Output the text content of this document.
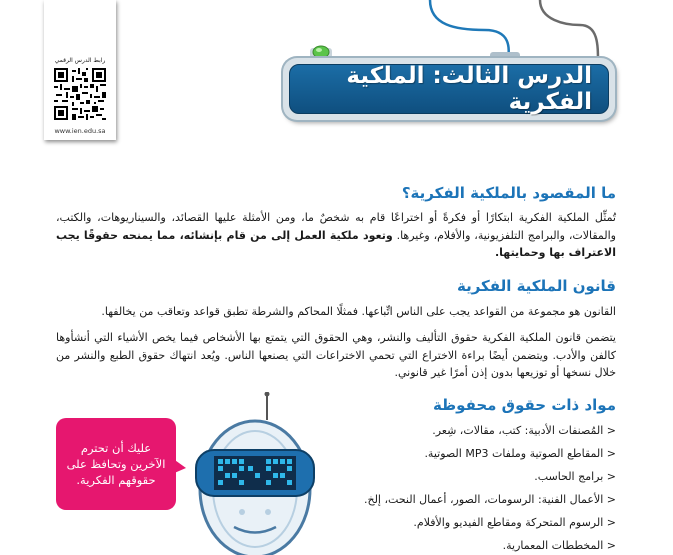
رابط الدرس الرقمي
www.ien.edu.sa
الدرس الثالث: الملكية الفكرية
ما المقصود بالملكية الفكرية؟
تُمثِّل الملكية الفكرية ابتكارًا أو فكرةً أو اختراعًا قام به شخصٌ ما، ومن الأمثلة عليها القصائد، والسيناريوهات، والكتب، والمقالات، والبرامج التلفزيونية، والأفلام، وغيرها. وتعود ملكية العمل إلى من قام بإنشائه، مما يمنحه حقوقًا يجب الاعتراف بها وحمايتها.
قانون الملكية الفكرية
القانون هو مجموعة من القواعد يجب على الناس اتِّباعها. فمثلًا المحاكم والشرطة تطبق قواعد وتعاقب من يخالفها.
يتضمن قانون الملكية الفكرية حقوق التأليف والنشر، وهي الحقوق التي يتمتع بها الأشخاص فيما يخص الأشياء التي أنشأوها كالفن والأدب. ويتضمن أيضًا براءة الاختراع التي تحمي الاختراعات التي يصنعها الناس. ويُعد انتهاك حقوق الطبع والنشر من خلال نسخها أو توزيعها بدون إذن أمرًا غير قانوني.
مواد ذات حقوق محفوظة
< المُصنفات الأدبية: كتب، مقالات، شِعر.
< المقاطع الصوتية وملفات MP3 الصوتية.
< برامج الحاسب.
< الأعمال الفنية: الرسومات، الصور، أعمال النحت، إلخ.
< الرسوم المتحركة ومقاطع الفيديو والأفلام.
< المخططات المعمارية.
عليك أن تحترم الآخرين وتحافظ على حقوقهم الفكرية.
